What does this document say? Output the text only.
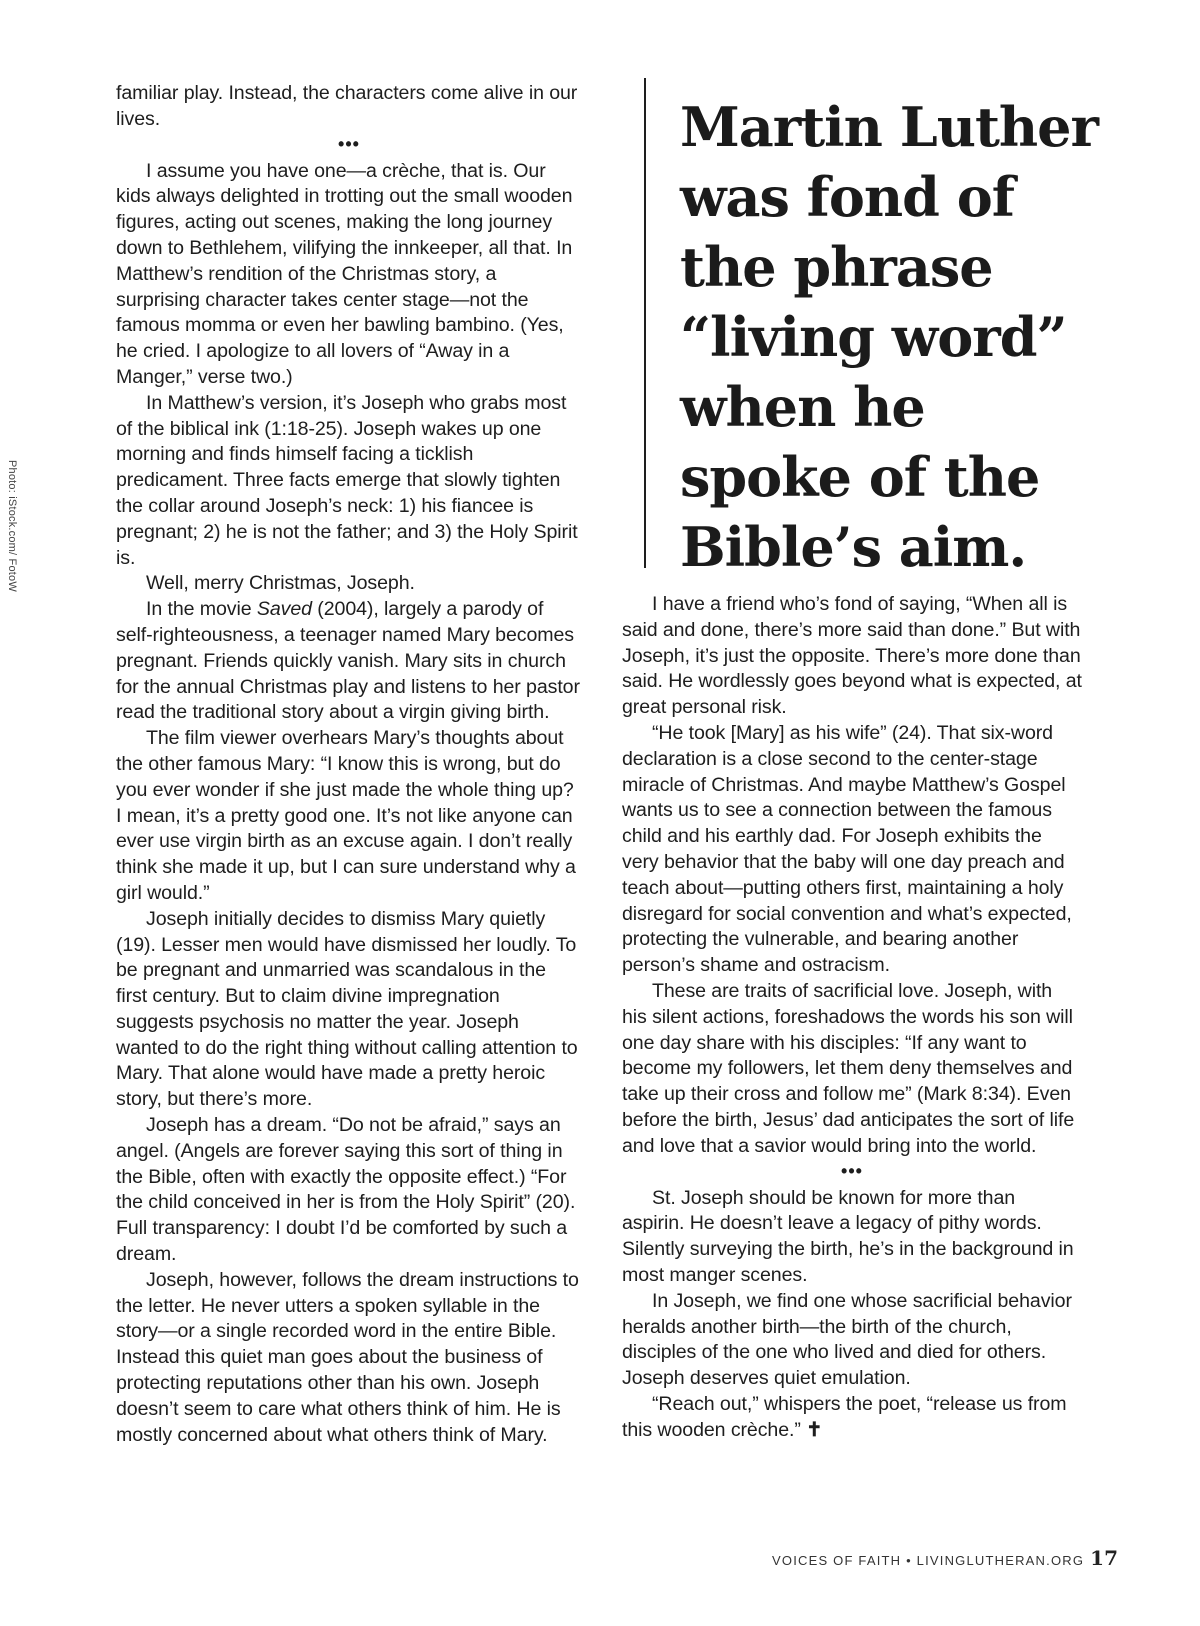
Photo: iStock.com/ FotoW

familiar play. Instead, the characters come alive in our lives.

•••

I assume you have one—a crèche, that is. Our kids always delighted in trotting out the small wooden figures, acting out scenes, making the long journey down to Bethlehem, vilifying the innkeeper, all that. In Matthew’s rendition of the Christmas story, a surprising character takes center stage—not the famous momma or even her bawling bambino. (Yes, he cried. I apologize to all lovers of “Away in a Manger,” verse two.)

In Matthew’s version, it’s Joseph who grabs most of the biblical ink (1:18-25). Joseph wakes up one morning and finds himself facing a ticklish predicament. Three facts emerge that slowly tighten the collar around Joseph’s neck: 1) his fiancee is pregnant; 2) he is not the father; and 3) the Holy Spirit is.

Well, merry Christmas, Joseph.

In the movie Saved (2004), largely a parody of self-righteousness, a teenager named Mary becomes pregnant. Friends quickly vanish. Mary sits in church for the annual Christmas play and listens to her pastor read the traditional story about a virgin giving birth.

The film viewer overhears Mary’s thoughts about the other famous Mary: “I know this is wrong, but do you ever wonder if she just made the whole thing up? I mean, it’s a pretty good one. It’s not like anyone can ever use virgin birth as an excuse again. I don’t really think she made it up, but I can sure understand why a girl would.”

Joseph initially decides to dismiss Mary quietly (19). Lesser men would have dismissed her loudly. To be pregnant and unmarried was scandalous in the first century. But to claim divine impregnation suggests psychosis no matter the year. Joseph wanted to do the right thing without calling attention to Mary. That alone would have made a pretty heroic story, but there’s more.

Joseph has a dream. “Do not be afraid,” says an angel. (Angels are forever saying this sort of thing in the Bible, often with exactly the opposite effect.) “For the child conceived in her is from the Holy Spirit” (20). Full transparency: I doubt I’d be comforted by such a dream.

Joseph, however, follows the dream instructions to the letter. He never utters a spoken syllable in the story—or a single recorded word in the entire Bible. Instead this quiet man goes about the business of protecting reputations other than his own. Joseph doesn’t seem to care what others think of him. He is mostly concerned about what others think of Mary.

Martin Luther was fond of the phrase “living word” when he spoke of the Bible’s aim.

I have a friend who’s fond of saying, “When all is said and done, there’s more said than done.” But with Joseph, it’s just the opposite. There’s more done than said. He wordlessly goes beyond what is expected, at great personal risk.

“He took [Mary] as his wife” (24). That six-word declaration is a close second to the center-stage miracle of Christmas. And maybe Matthew’s Gospel wants us to see a connection between the famous child and his earthly dad. For Joseph exhibits the very behavior that the baby will one day preach and teach about—putting others first, maintaining a holy disregard for social convention and what’s expected, protecting the vulnerable, and bearing another person’s shame and ostracism.

These are traits of sacrificial love. Joseph, with his silent actions, foreshadows the words his son will one day share with his disciples: “If any want to become my followers, let them deny themselves and take up their cross and follow me” (Mark 8:34). Even before the birth, Jesus’ dad anticipates the sort of life and love that a savior would bring into the world.

•••

St. Joseph should be known for more than aspirin. He doesn’t leave a legacy of pithy words. Silently surveying the birth, he’s in the background in most manger scenes.

In Joseph, we find one whose sacrificial behavior heralds another birth—the birth of the church, disciples of the one who lived and died for others. Joseph deserves quiet emulation.

“Reach out,” whispers the poet, “release us from this wooden crèche.” ✝

VOICES OF FAITH • LIVINGLUTHERAN.ORG 17
